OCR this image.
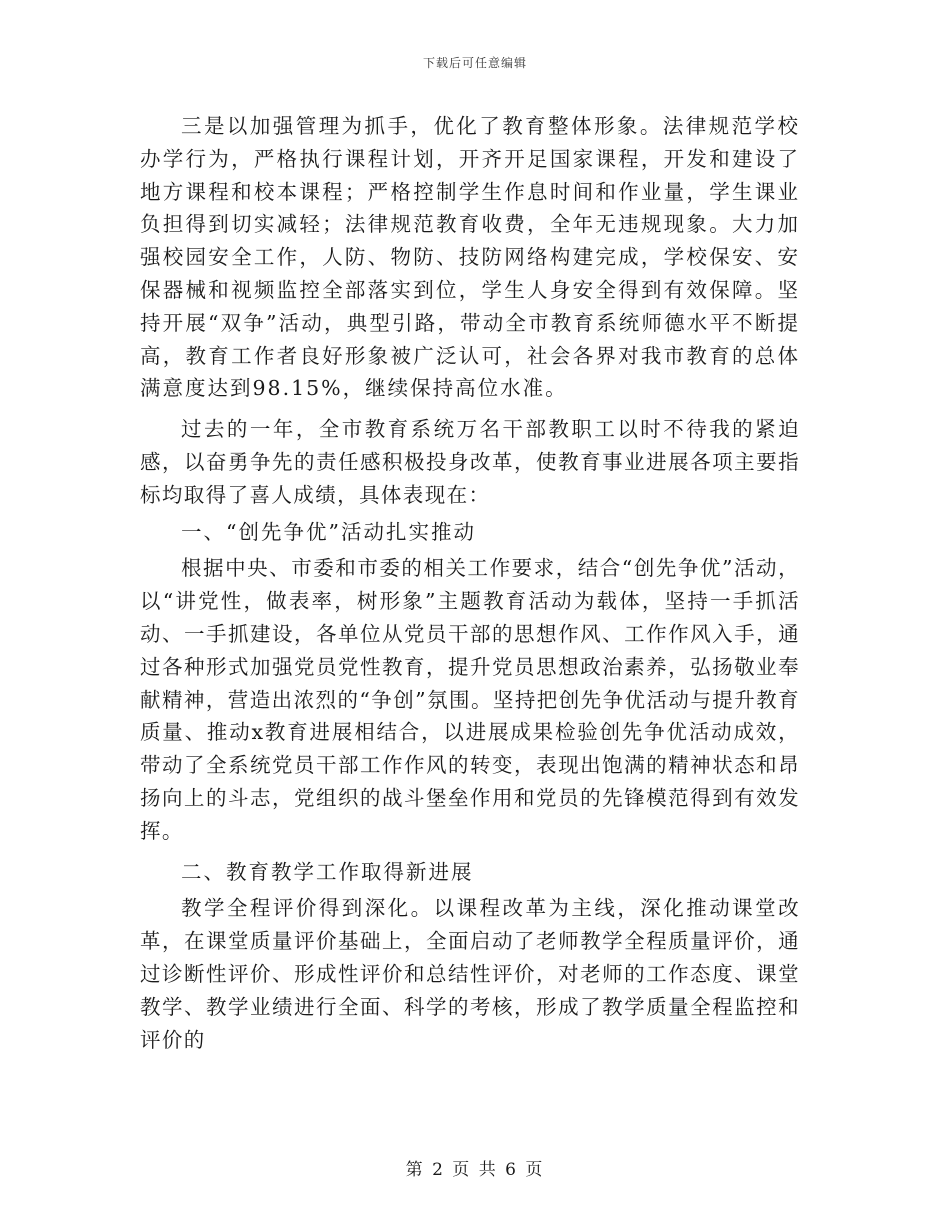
下载后可任意编辑

三是以加强管理为抓手，优化了教育整体形象。法律规范学校办学行为，严格执行课程计划，开齐开足国家课程，开发和建设了地方课程和校本课程；严格控制学生作息时间和作业量，学生课业负担得到切实减轻；法律规范教育收费，全年无违规现象。大力加强校园安全工作，人防、物防、技防网络构建完成，学校保安、安保器械和视频监控全部落实到位，学生人身安全得到有效保障。坚持开展“双争”活动，典型引路，带动全市教育系统师德水平不断提高，教育工作者良好形象被广泛认可，社会各界对我市教育的总体满意度达到98.15%，继续保持高位水准。

过去的一年，全市教育系统万名干部教职工以时不待我的紧迫感，以奋勇争先的责任感积极投身改革，使教育事业进展各项主要指标均取得了喜人成绩，具体表现在：

一、“创先争优”活动扎实推动

根据中央、市委和市委的相关工作要求，结合“创先争优”活动，以“讲党性，做表率，树形象”主题教育活动为载体，坚持一手抓活动、一手抓建设，各单位从党员干部的思想作风、工作作风入手，通过各种形式加强党员党性教育，提升党员思想政治素养，弘扬敬业奉献精神，营造出浓烈的“争创”氛围。坚持把创先争优活动与提升教育质量、推动x教育进展相结合，以进展成果检验创先争优活动成效，带动了全系统党员干部工作作风的转变，表现出饱满的精神状态和昂扬向上的斗志，党组织的战斗堡垒作用和党员的先锋模范得到有效发挥。

二、教育教学工作取得新进展

教学全程评价得到深化。以课程改革为主线，深化推动课堂改革，在课堂质量评价基础上，全面启动了老师教学全程质量评价，通过诊断性评价、形成性评价和总结性评价，对老师的工作态度、课堂教学、教学业绩进行全面、科学的考核，形成了教学质量全程监控和评价的

第 2 页 共 6 页
